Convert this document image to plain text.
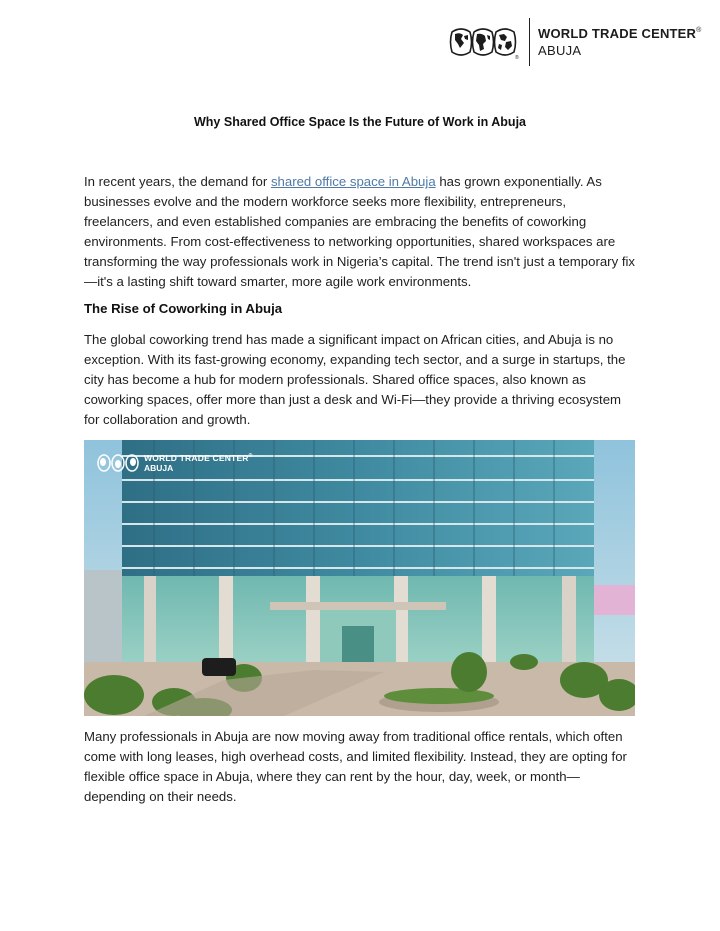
®
WORLD TRADE CENTER®
ABUJA
Why Shared Office Space Is the Future of Work in Abuja

In recent years, the demand for shared office space in Abuja has grown exponentially. As businesses evolve and the modern workforce seeks more flexibility, entrepreneurs, freelancers, and even established companies are embracing the benefits of coworking environments. From cost-effectiveness to networking opportunities, shared workspaces are transforming the way professionals work in Nigeria’s capital. The trend isn't just a temporary fix—it's a lasting shift toward smarter, more agile work environments.

The Rise of Coworking in Abuja

The global coworking trend has made a significant impact on African cities, and Abuja is no exception. With its fast-growing economy, expanding tech sector, and a surge in startups, the city has become a hub for modern professionals. Shared office spaces, also known as coworking spaces, offer more than just a desk and Wi-Fi—they provide a thriving ecosystem for collaboration and growth.

WORLD TRADE CENTER®
ABUJA

Many professionals in Abuja are now moving away from traditional office rentals, which often come with long leases, high overhead costs, and limited flexibility. Instead, they are opting for flexible office space in Abuja, where they can rent by the hour, day, week, or month—depending on their needs.
